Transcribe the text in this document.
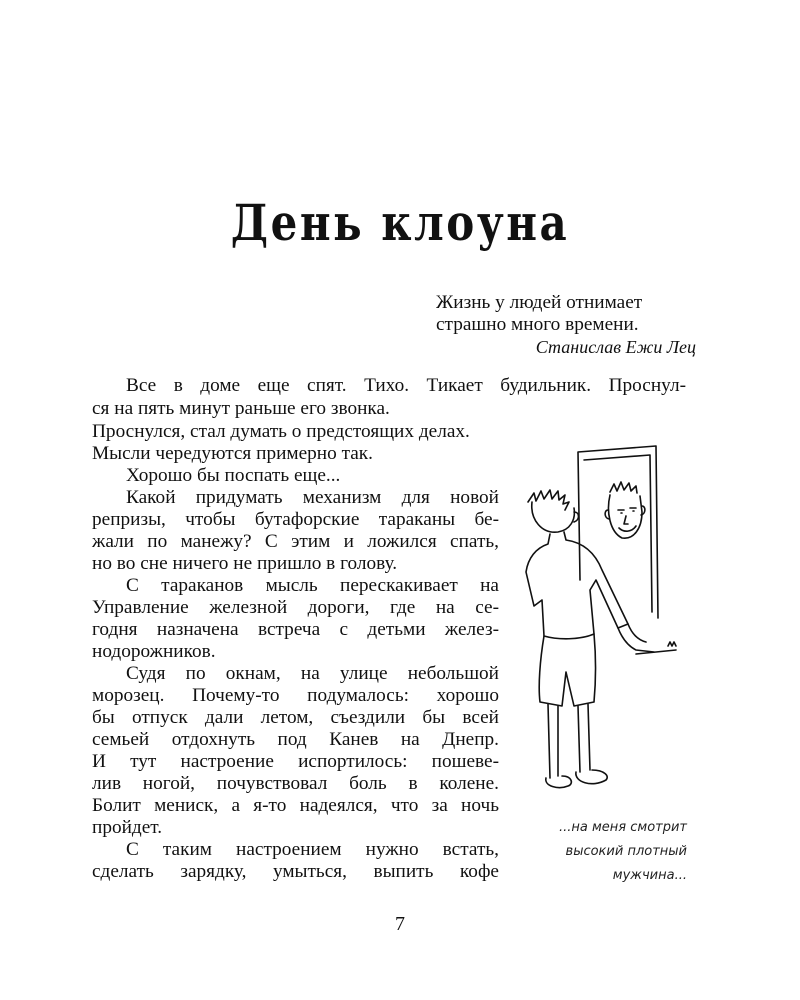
День клоуна
Жизнь у людей отнимает
страшно много времени.
Станислав Ежи Лец
Все в доме еще спят. Тихо. Тикает будильник. Проснул-
ся на пять минут раньше его звонка.
Проснулся, стал думать о предстоящих делах.
Мысли чередуются примерно так.
Хорошо бы поспать еще...
Какой придумать механизм для новой
репризы, чтобы бутафорские тараканы бе-
жали по манежу? С этим и ложился спать,
но во сне ничего не пришло в голову.
С тараканов мысль перескакивает на
Управление железной дороги, где на се-
годня назначена встреча с детьми желез-
нодорожников.
Судя по окнам, на улице небольшой
морозец. Почему-то подумалось: хорошо
бы отпуск дали летом, съездили бы всей
семьей отдохнуть под Канев на Днепр.
И тут настроение испортилось: пошеве-
лив ногой, почувствовал боль в колене.
Болит мениск, а я-то надеялся, что за ночь
пройдет.
С таким настроением нужно встать,
сделать зарядку, умыться, выпить кофе
...на меня смотрит
высокий плотный
мужчина...
7
